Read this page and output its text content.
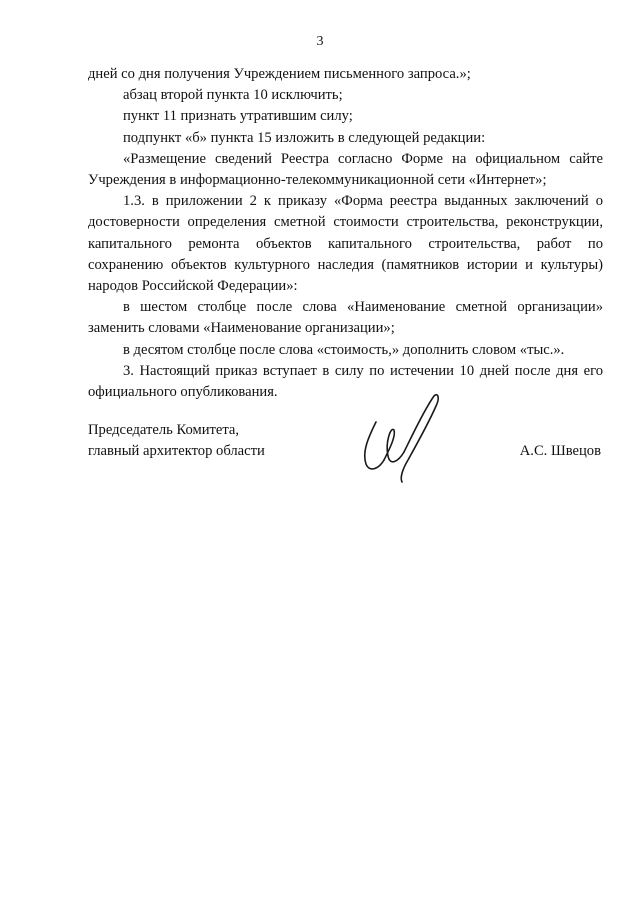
3

дней со дня получения Учреждением письменного запроса.»;

абзац второй пункта 10 исключить;

пункт 11 признать утратившим силу;

подпункт «б» пункта 15 изложить в следующей редакции:

«Размещение сведений Реестра согласно Форме на официальном сайте Учреждения в информационно-телекоммуникационной сети «Интернет»;

1.3. в приложении 2 к приказу «Форма реестра выданных заключений о достоверности определения сметной стоимости строительства, реконструкции, капитального ремонта объектов капитального строительства, работ по сохранению объектов культурного наследия (памятников истории и культуры) народов Российской Федерации»:

в шестом столбце после слова «Наименование сметной организации» заменить словами «Наименование организации»;

в десятом столбце после слова «стоимость,» дополнить словом «тыс.».

3. Настоящий приказ вступает в силу по истечении 10 дней после дня его официального опубликования.

Председатель Комитета,
главный архитектор области	А.С. Швецов
